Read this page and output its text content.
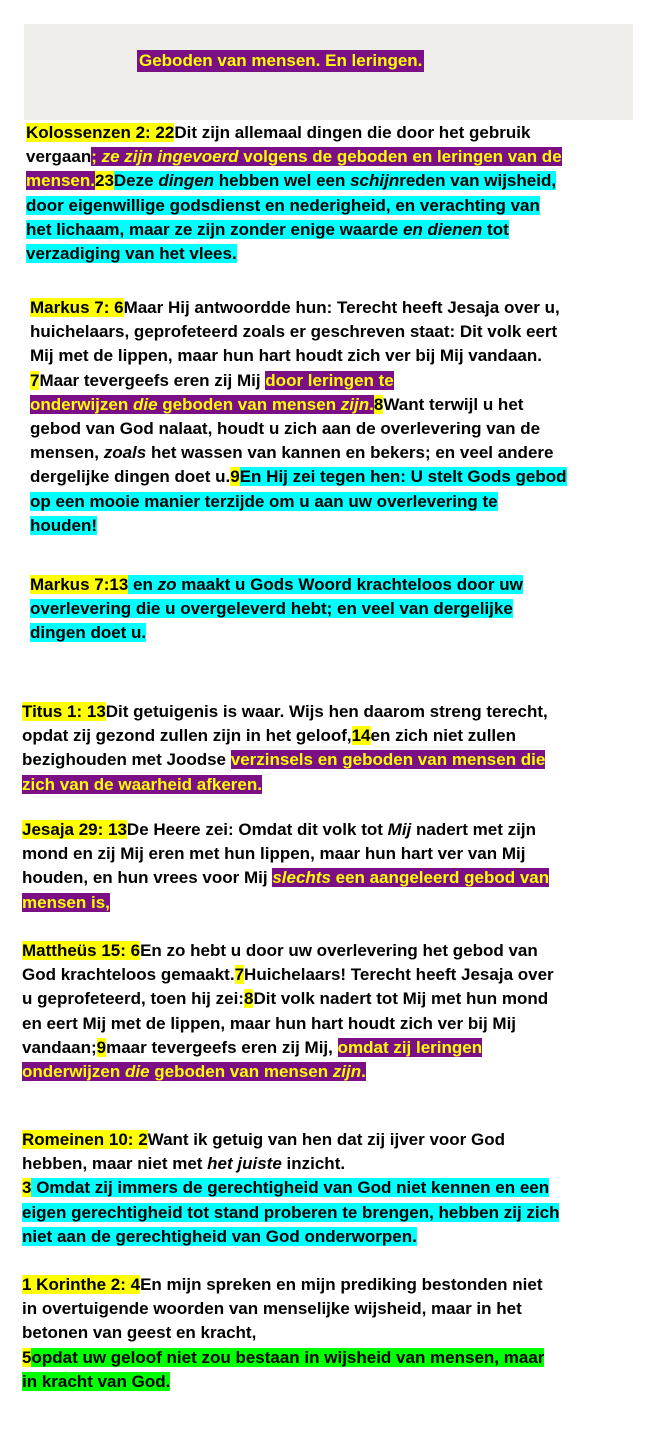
Geboden van mensen. En leringen.
Kolossenzen 2: 22Dit zijn allemaal dingen die door het gebruik
vergaan; ze zijn ingevoerd volgens de geboden en leringen van de
mensen.23Deze dingen hebben wel een schijnreden van wijsheid,
door eigenwillige godsdienst en nederigheid, en verachting van
het lichaam, maar ze zijn zonder enige waarde en dienen tot
verzadiging van het vlees.
Markus 7: 6Maar Hij antwoordde hun: Terecht heeft Jesaja over u,
huichelaars, geprofeteerd zoals er geschreven staat: Dit volk eert
Mij met de lippen, maar hun hart houdt zich ver bij Mij vandaan.
7Maar tevergeefs eren zij Mij door leringen te
onderwijzen die geboden van mensen zijn.8Want terwijl u het
gebod van God nalaat, houdt u zich aan de overlevering van de
mensen, zoals het wassen van kannen en bekers; en veel andere
dergelijke dingen doet u.9En Hij zei tegen hen: U stelt Gods gebod
op een mooie manier terzijde om u aan uw overlevering te
houden!
Markus 7:13 en zo maakt u Gods Woord krachteloos door uw
overlevering die u overgeleverd hebt; en veel van dergelijke
dingen doet u.
Titus 1: 13Dit getuigenis is waar. Wijs hen daarom streng terecht,
opdat zij gezond zullen zijn in het geloof,14en zich niet zullen
bezighouden met Joodse verzinsels en geboden van mensen die
zich van de waarheid afkeren.
Jesaja 29: 13De Heere zei: Omdat dit volk tot Mij nadert met zijn
mond en zij Mij eren met hun lippen, maar hun hart ver van Mij
houden, en hun vrees voor Mij slechts een aangeleerd gebod van
mensen is,
Mattheüs 15: 6En zo hebt u door uw overlevering het gebod van
God krachteloos gemaakt.7Huichelaars! Terecht heeft Jesaja over
u geprofeteerd, toen hij zei:8Dit volk nadert tot Mij met hun mond
en eert Mij met de lippen, maar hun hart houdt zich ver bij Mij
vandaan;9maar tevergeefs eren zij Mij, omdat zij leringen
onderwijzen die geboden van mensen zijn.
Romeinen 10: 2Want ik getuig van hen dat zij ijver voor God
hebben, maar niet met het juiste inzicht.
3 Omdat zij immers de gerechtigheid van God niet kennen en een
eigen gerechtigheid tot stand proberen te brengen, hebben zij zich
niet aan de gerechtigheid van God onderworpen.
1 Korinthe 2: 4En mijn spreken en mijn prediking bestonden niet
in overtuigende woorden van menselijke wijsheid, maar in het
betonen van geest en kracht,
5opdat uw geloof niet zou bestaan in wijsheid van mensen, maar
in kracht van God.
